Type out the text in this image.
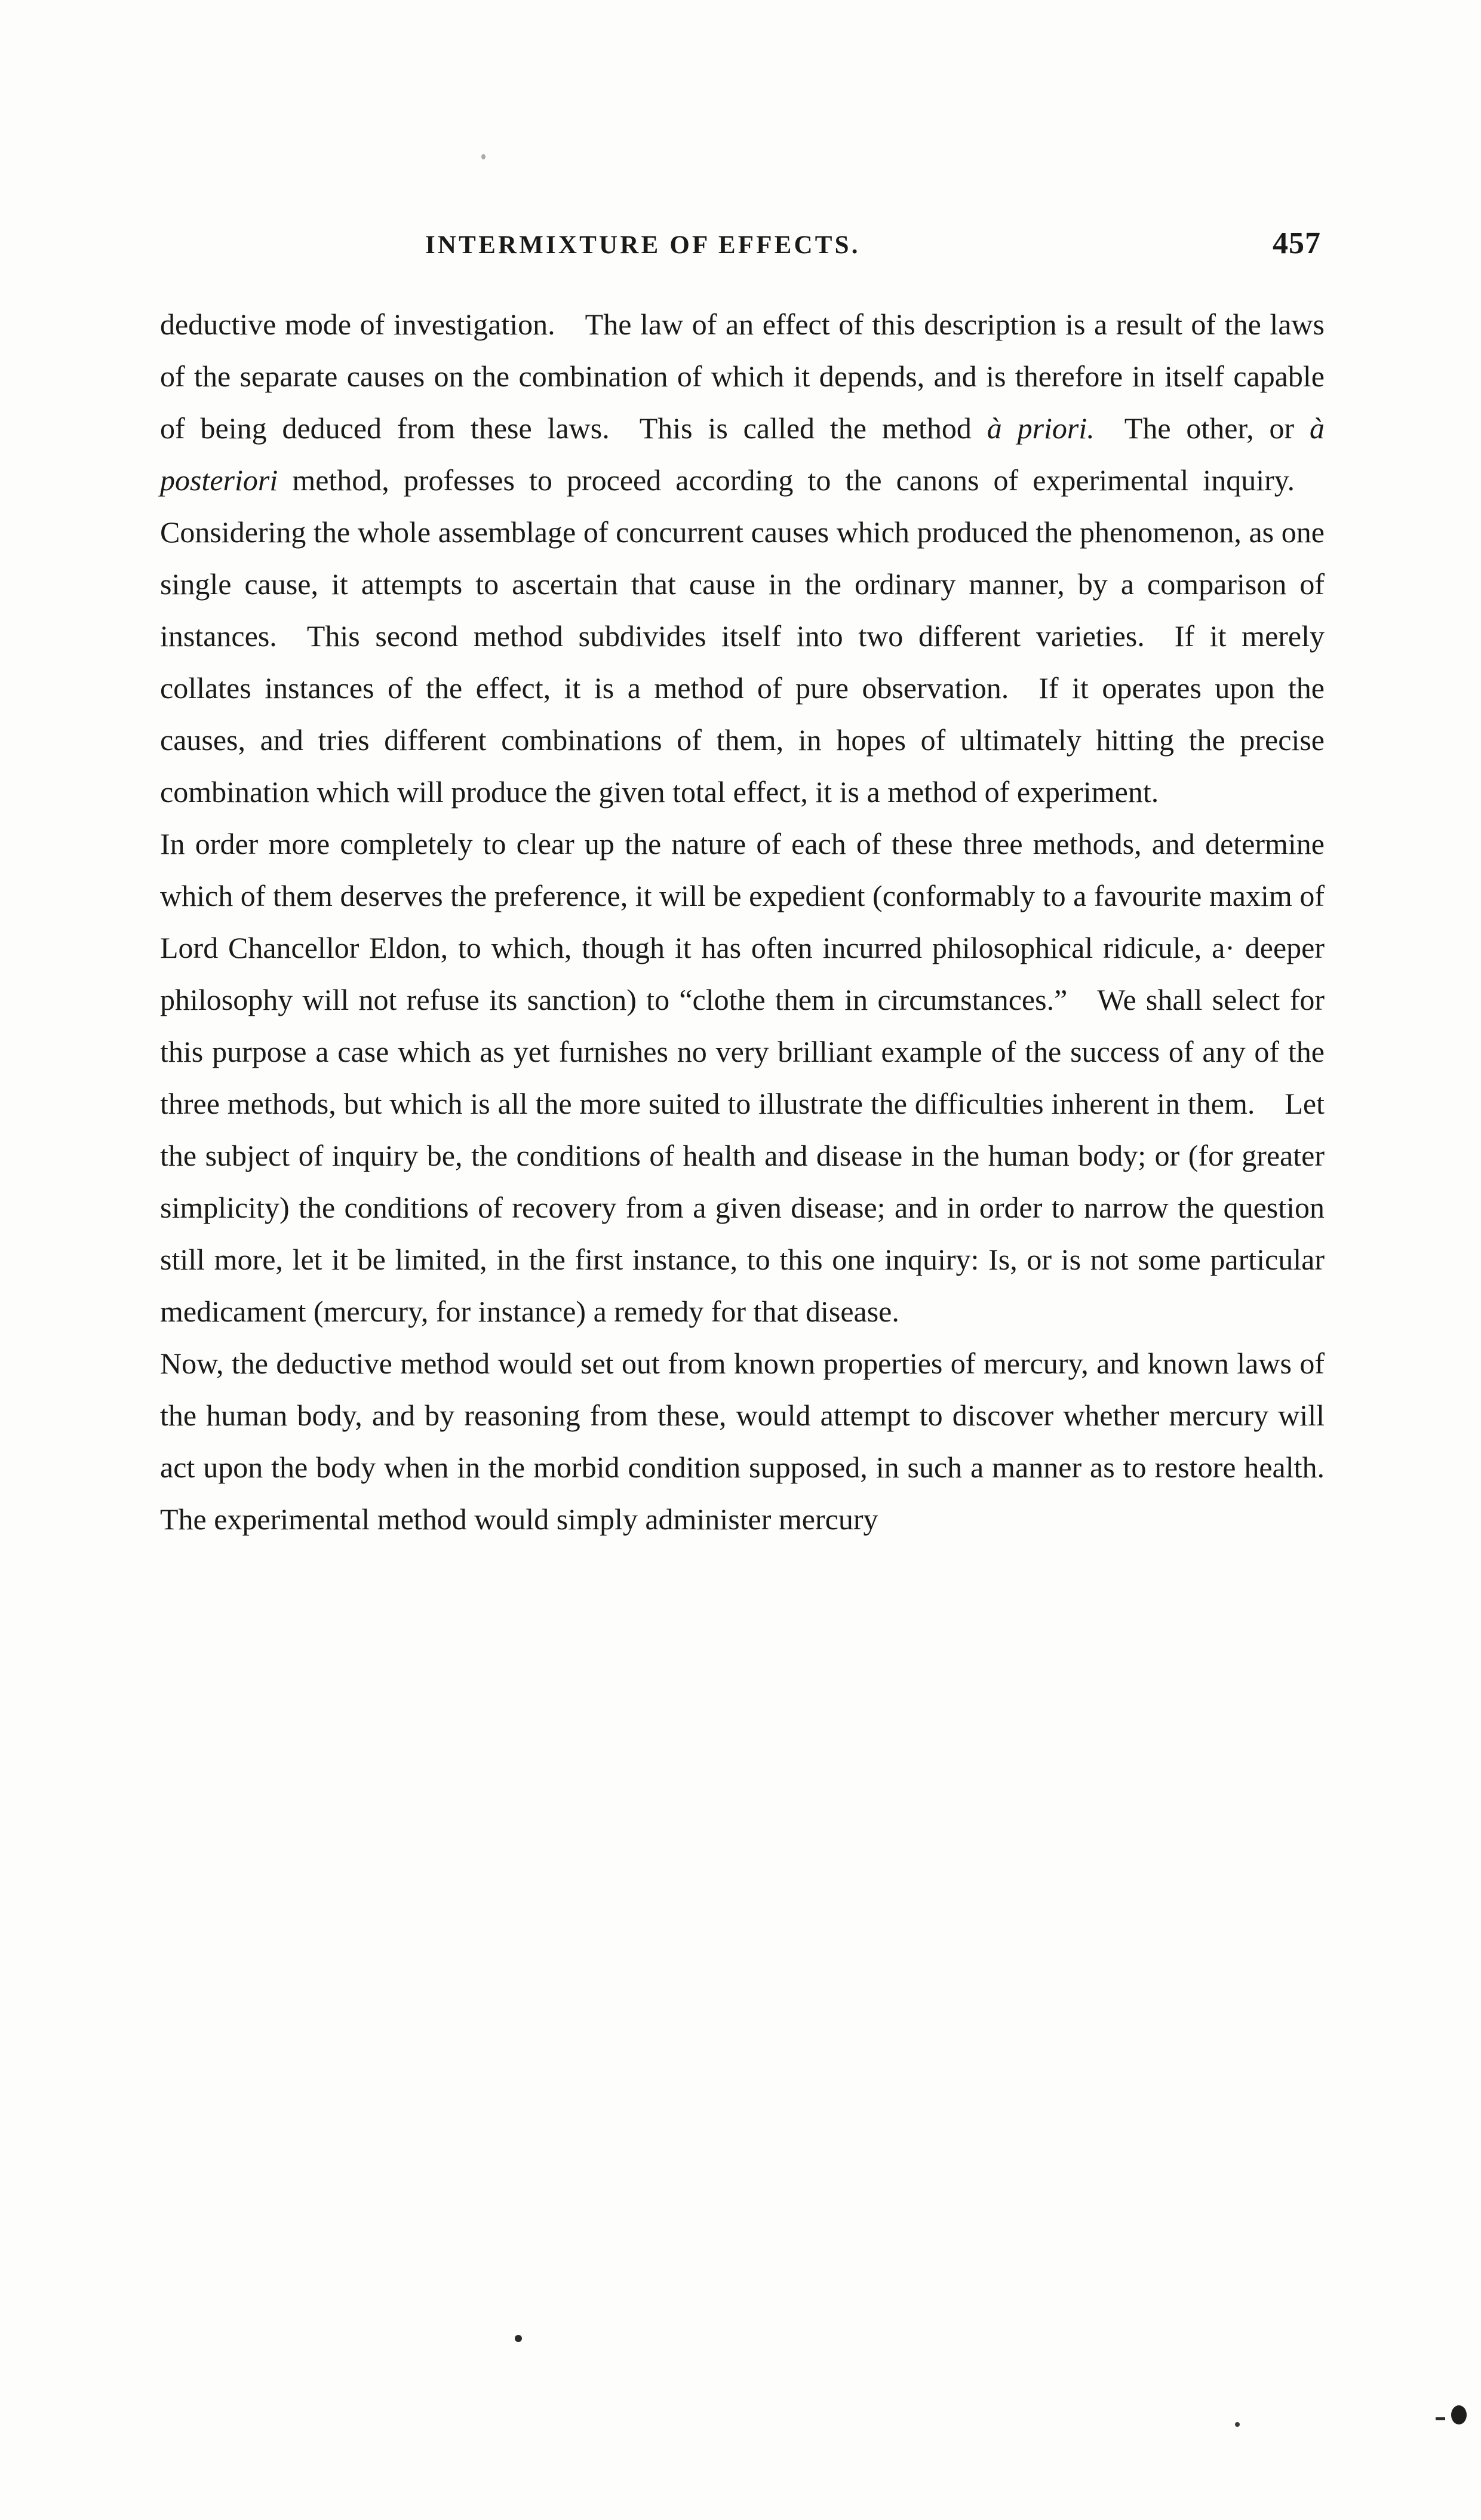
INTERMIXTURE OF EFFECTS.	457

deductive mode of investigation. The law of an effect of this description is a result of the laws of the separate causes on the combination of which it depends, and is therefore in itself capable of being deduced from these laws. This is called the method à priori. The other, or à posteriori method, professes to proceed according to the canons of experimental inquiry. Considering the whole assemblage of concurrent causes which produced the phenomenon, as one single cause, it attempts to ascertain that cause in the ordinary manner, by a comparison of instances. This second method subdivides itself into two different varieties. If it merely collates instances of the effect, it is a method of pure observation. If it operates upon the causes, and tries different combinations of them, in hopes of ultimately hitting the precise combination which will produce the given total effect, it is a method of experiment.

In order more completely to clear up the nature of each of these three methods, and determine which of them deserves the preference, it will be expedient (conformably to a favourite maxim of Lord Chancellor Eldon, to which, though it has often incurred philosophical ridicule, a· deeper philosophy will not refuse its sanction) to “clothe them in circumstances.” We shall select for this purpose a case which as yet furnishes no very brilliant example of the success of any of the three methods, but which is all the more suited to illustrate the difficulties inherent in them. Let the subject of inquiry be, the conditions of health and disease in the human body; or (for greater simplicity) the conditions of recovery from a given disease; and in order to narrow the question still more, let it be limited, in the first instance, to this one inquiry: Is, or is not some particular medicament (mercury, for instance) a remedy for that disease.

Now, the deductive method would set out from known properties of mercury, and known laws of the human body, and by reasoning from these, would attempt to discover whether mercury will act upon the body when in the morbid condition supposed, in such a manner as to restore health. The experimental method would simply administer mercury
